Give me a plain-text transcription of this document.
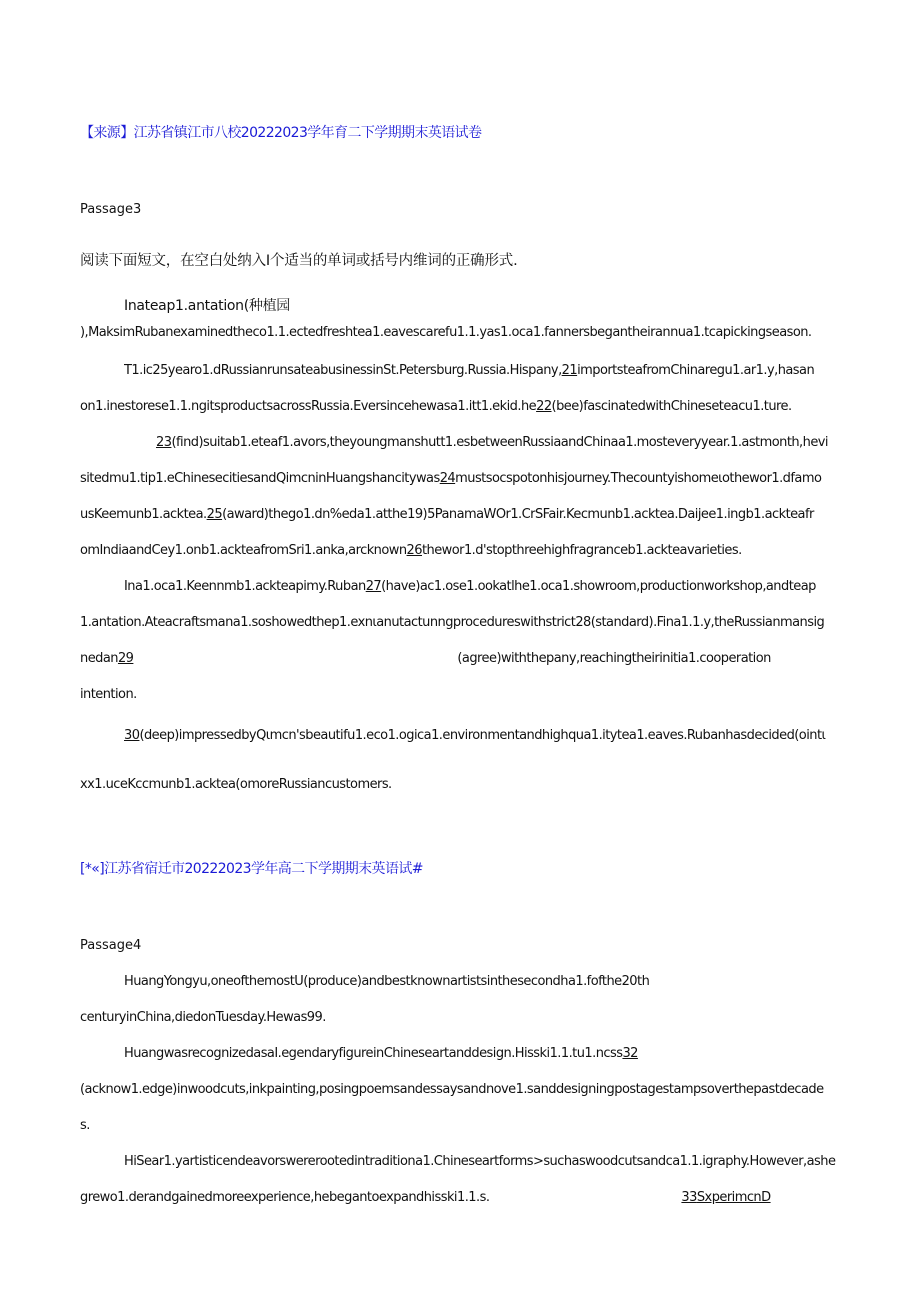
【来源】江苏省镇江市八校20222023学年育二下学期期末英语试卷
Passage3
阅读下面短文，在空白处纳入I个适当的单词或括号内维词的正确形式.
Inateap1.antation(种植园
),MaksimRubanexaminedtheco1.1.ectedfreshtea1.eavescarefu1.1.yas1.oca1.fannersbegantheirannua1.tcapickingseason.
T1.ic25yearo1.dRussianrunsateabusinessinSt.Petersburg.Russia.Hispany,21importsteafromChinaregu1.ar1.y,hasan
on1.inestorese1.1.ngitsproductsacrossRussia.Eversincehewasa1.itt1.ekid.he22(bee)fascinatedwithChineseteacu1.ture.
23(find)suitab1.eteaf1.avors,theyoungmanshutt1.esbetweenRussiaandChinaa1.mosteveryyear.1.astmonth,hevi
sitedmu1.tip1.eChinesecitiesandQimcninHuangshancitywas24mustsocspotonhisjourney.Thecountyishomeιothewor1.dfamo
usKeemunb1.acktea.25(award)thego1.dn%eda1.atthe19)5PanamaWOr1.CrSFair.Kecmunb1.acktea.Daijee1.ingb1.ackteafr
omIndiaandCey1.onb1.ackteafromSri1.anka,arcknown26thewor1.d'stopthreehighfragranceb1.ackteavarieties.
Ina1.oca1.Keennmb1.ackteapimy.Ruban27(have)ac1.ose1.ookatlhe1.oca1.showroom,productionworkshop,andteap
1.antation.Ateacraftsmana1.soshowedthep1.exnιanutactunngprocedureswithstrict28(standard).Fina1.1.y,theRussianmansig
nedan29	(agree)withthepany,reachingtheirinitia1.cooperation
intention.
30(deep)impressedbyQιmcn'sbeautifu1.eco1.ogica1.environmentandhighqua1.itytea1.eaves.Rubanhasdecided(ointι
xx1.uceKccmunb1.acktea(omoreRussiancustomers.
[*«]江苏省宿迁市20222023学年高二下学期期末英语试#
Passage4
HuangYongyu,oneofthemostU(produce)andbestknownartistsinthesecondha1.fofthe20th
centuryinChina,diedonTuesday.Hewas99.
HuangwasrecognizedasaI.egendaryfigureinChineseartanddesign.Hisski1.1.tu1.ncss32
(acknow1.edge)inwoodcuts,inkpainting,posingpoemsandessaysandnove1.sanddesigningpostagestampsoverthepastdecade
s.
HiSear1.yartisticendeavorswererootedintraditiona1.Chineseartforms>suchaswoodcutsandca1.1.igraphy.However,ashe
grewo1.derandgainedmoreexperience,hebegantoexpandhisski1.1.s.	33SxperimcnD
